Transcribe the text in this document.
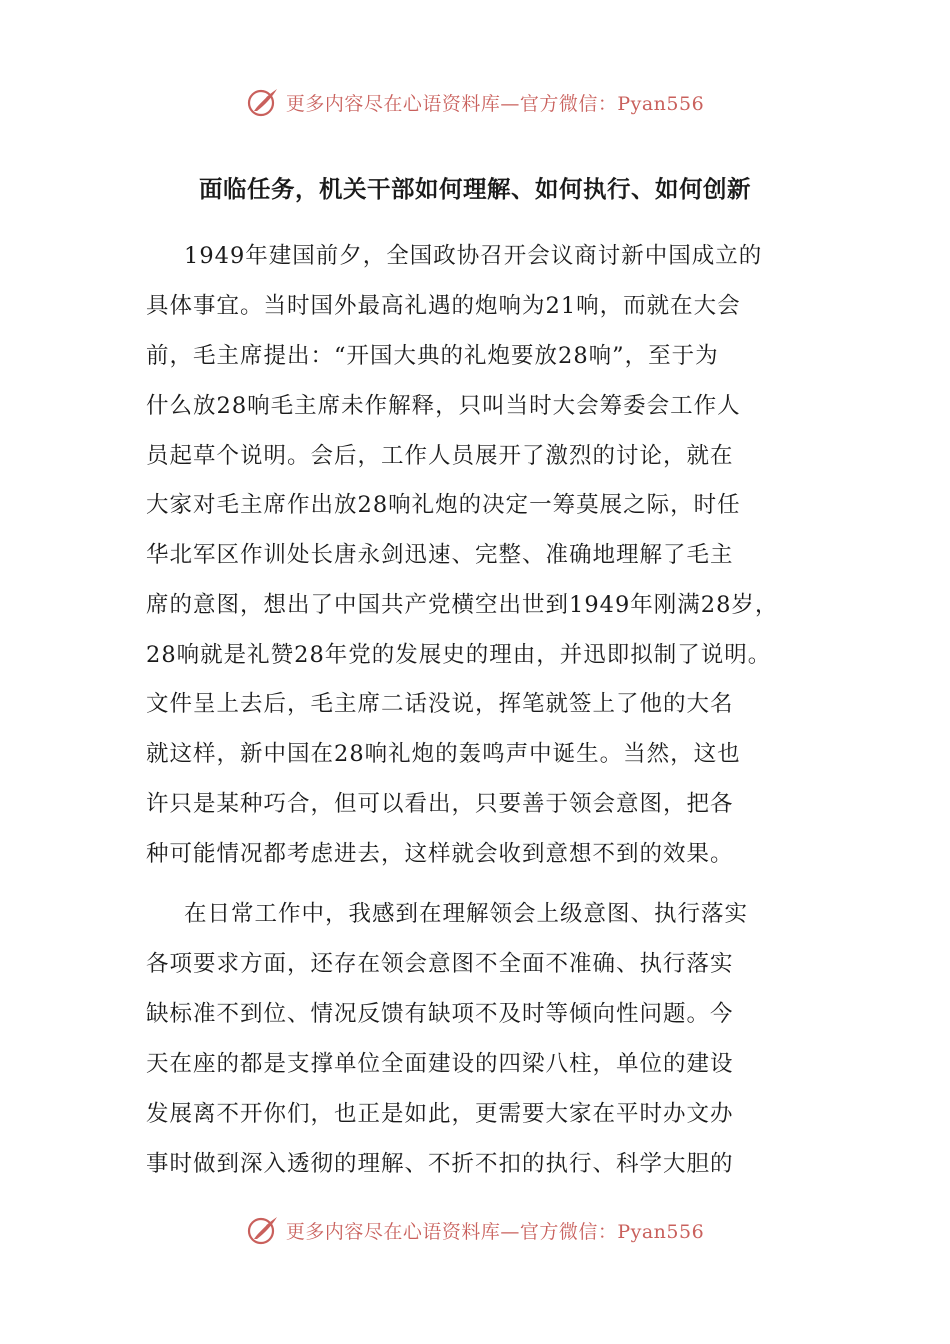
更多内容尽在心语资料库—官方微信：Pyan556
面临任务，机关干部如何理解、如何执行、如何创新
1949年建国前夕，全国政协召开会议商讨新中国成立的
具体事宜。当时国外最高礼遇的炮响为21响，而就在大会
前，毛主席提出：“开国大典的礼炮要放28响”，至于为
什么放28响毛主席未作解释，只叫当时大会筹委会工作人
员起草个说明。会后，工作人员展开了激烈的讨论，就在
大家对毛主席作出放28响礼炮的决定一筹莫展之际，时任
华北军区作训处长唐永剑迅速、完整、准确地理解了毛主
席的意图，想出了中国共产党横空出世到1949年刚满28岁，
28响就是礼赞28年党的发展史的理由，并迅即拟制了说明。
文件呈上去后，毛主席二话没说，挥笔就签上了他的大名
就这样，新中国在28响礼炮的轰鸣声中诞生。当然，这也
许只是某种巧合，但可以看出，只要善于领会意图，把各
种可能情况都考虑进去，这样就会收到意想不到的效果。
在日常工作中，我感到在理解领会上级意图、执行落实
各项要求方面，还存在领会意图不全面不准确、执行落实
缺标准不到位、情况反馈有缺项不及时等倾向性问题。今
天在座的都是支撑单位全面建设的四梁八柱，单位的建设
发展离不开你们，也正是如此，更需要大家在平时办文办
事时做到深入透彻的理解、不折不扣的执行、科学大胆的
更多内容尽在心语资料库—官方微信：Pyan556
